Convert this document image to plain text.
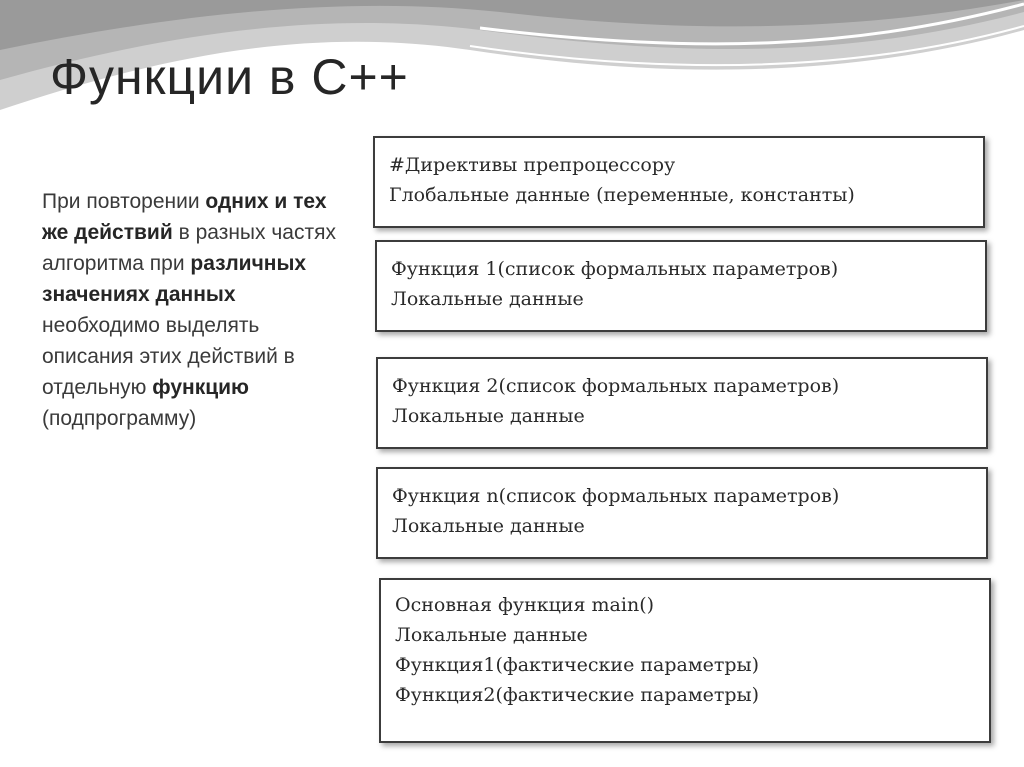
Функции в С++
При повторении одних и тех же действий в разных частях алгоритма при различных значениях данных необходимо выделять описания этих действий в отдельную функцию (подпрограмму)
#Директивы препроцессору
Глобальные данные (переменные, константы)
Функция 1(список формальных параметров)
Локальные данные
Функция 2(список формальных параметров)
Локальные данные
Функция n(список формальных параметров)
Локальные данные
Основная функция main()
Локальные данные
Функция1(фактические параметры)
Функция2(фактические параметры)
